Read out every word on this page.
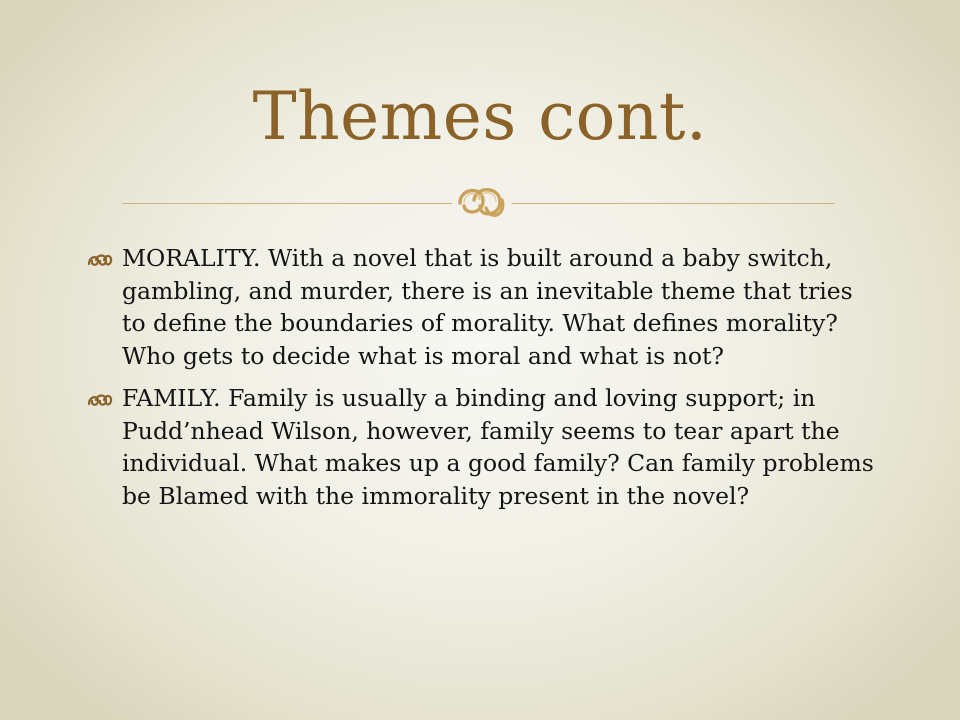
Themes cont.
MORALITY. With a novel that is built around a baby switch, gambling, and murder, there is an inevitable theme that tries to define the boundaries of morality. What defines morality? Who gets to decide what is moral and what is not?
FAMILY. Family is usually a binding and loving support; in Pudd’nhead Wilson, however, family seems to tear apart the individual. What makes up a good family? Can family problems be Blamed with the immorality present in the novel?
